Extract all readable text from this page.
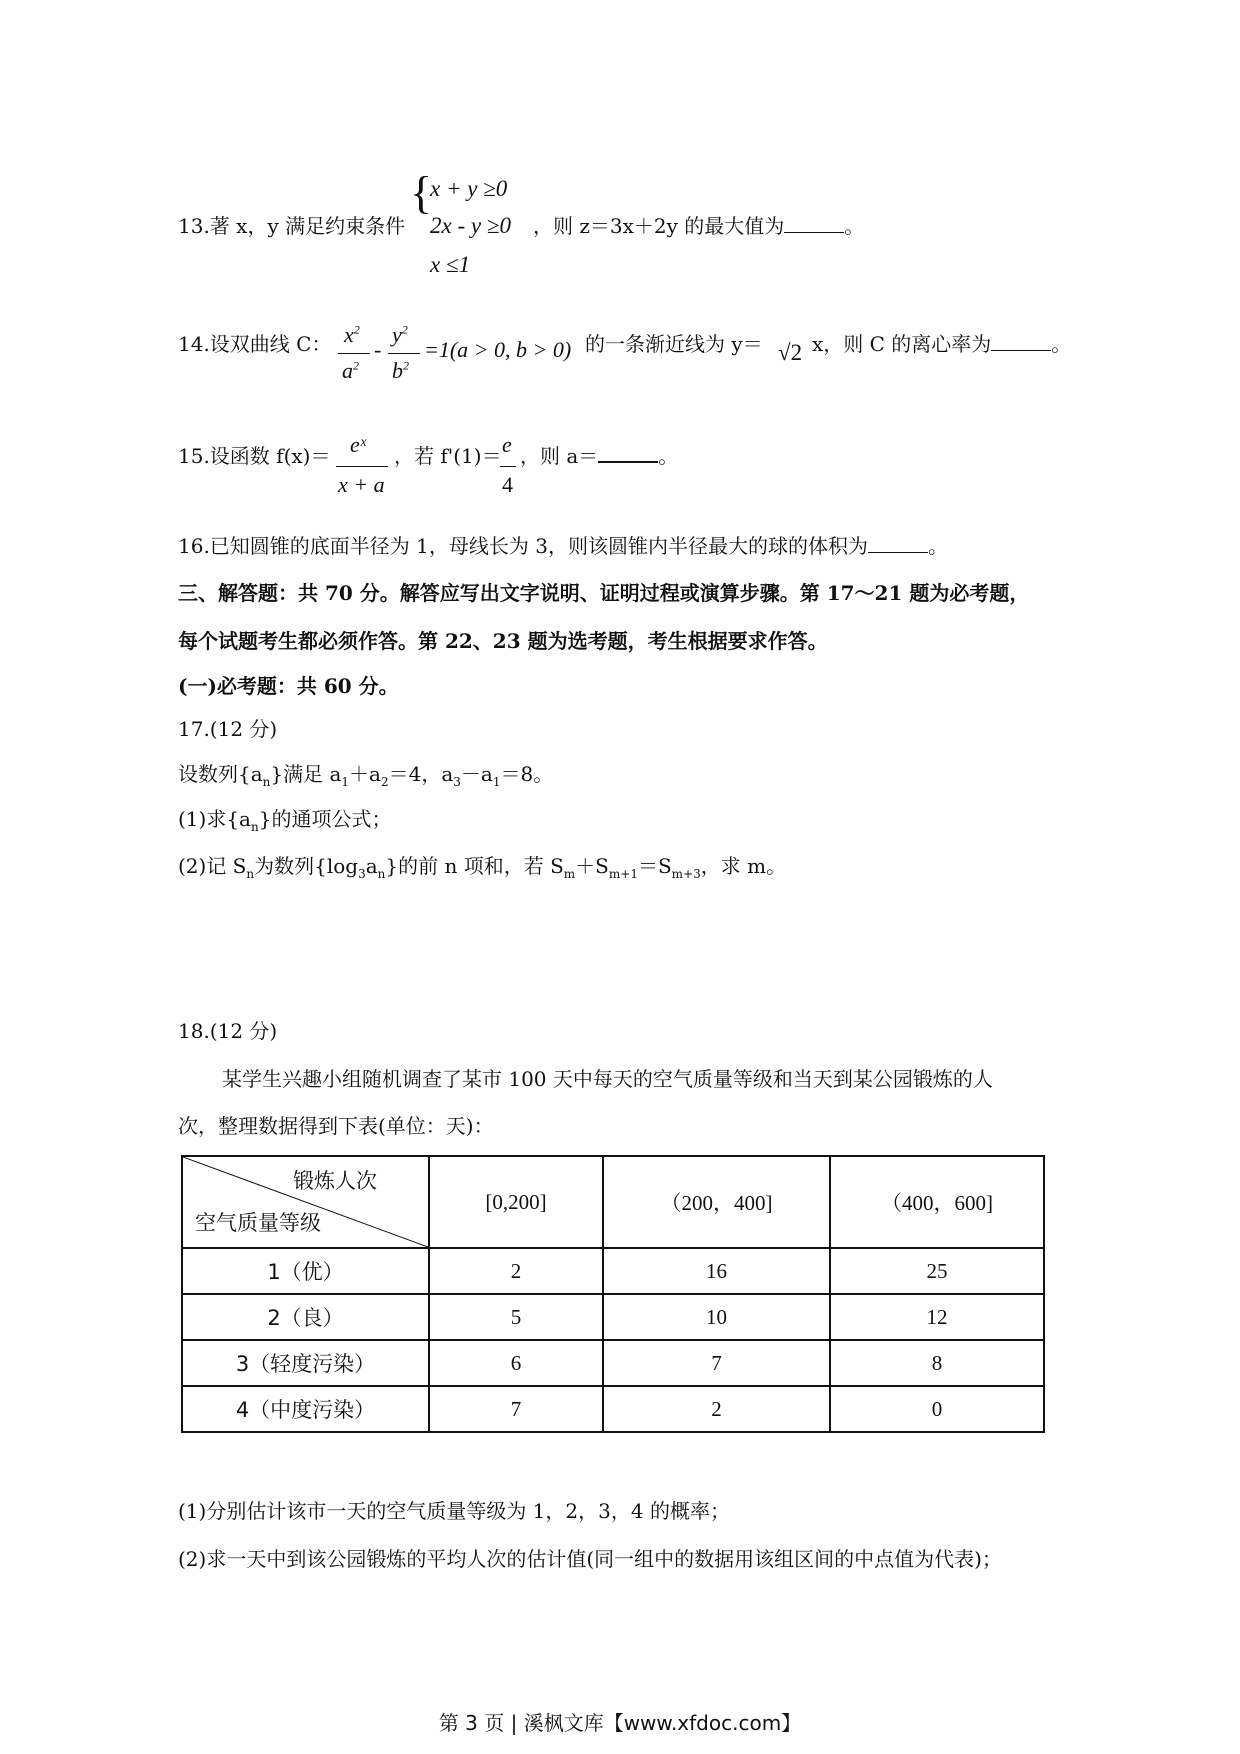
13.著 x，y 满足约束条件
{
x + y ≥0
2x - y ≥0
x ≤1
，则 z＝3x＋2y 的最大值为	。
14.设双曲线 C： $x^2$
$a^2$
-
$y^2$
$b^2$
=1(a > 0, b > 0) 的一条渐近线为 y＝ √2 x，则 C 的离心率为	。
15.设函数 f(x)＝ eˣ
x + a
，若 f'(1)＝ e
4
，则 a＝	。
16.已知圆锥的底面半径为 1，母线长为 3，则该圆锥内半径最大的球的体积为	。
三、解答题：共 70 分。解答应写出文字说明、证明过程或演算步骤。第 17～21 题为必考题，
每个试题考生都必须作答。第 22、23 题为选考题，考生根据要求作答。
(一)必考题：共 60 分。
17.(12 分)
设数列$\{a_n\}$满足 $a_1+a_2=4$，$a_3-a_1=8$。
(1)求$\{a_n\}$的通项公式；
(2)记 $S_n$为数列$\{\log_3a_n\}$的前 n 项和，若 $S_m+S_{m+1}=S_{m+3}$，求 m。
18.(12 分)
某学生兴趣小组随机调查了某市 100 天中每天的空气质量等级和当天到某公园锻炼的人
次，整理数据得到下表(单位：天)：
锻炼人次
空气质量等级	[0,200]	（200，400]	（400，600]
1（优）	2	16	25
2（良）	5	10	12
3（轻度污染）	6	7	8
4（中度污染）	7	2	0
(1)分别估计该市一天的空气质量等级为 1，2，3，4 的概率；
(2)求一天中到该公园锻炼的平均人次的估计值(同一组中的数据用该组区间的中点值为代表)；
第 3 页 | 溪枫文库【www.xfdoc.com】
